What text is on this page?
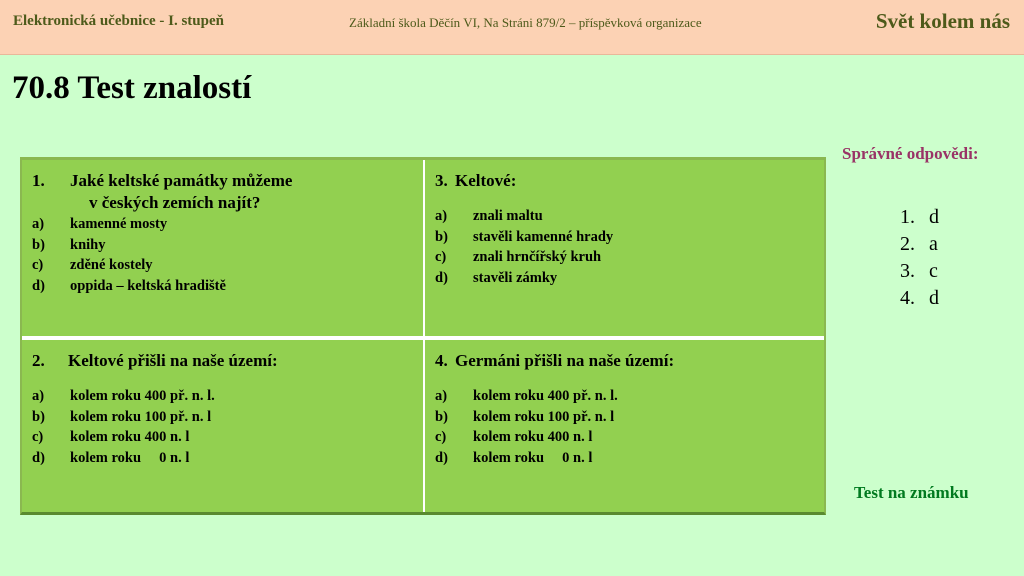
Elektronická učebnice - I. stupeň	Základní škola Děčín VI, Na Stráni 879/2 – příspěvková organizace	Svět kolem nás
70.8 Test znalostí
1.	Jaké keltské památky můžeme
v českých zemích najít?
a) kamenné mosty
b) knihy
c) zděné kostely
d) oppida – keltská hradiště
3. Keltové:
a) znali maltu
b) stavěli kamenné hrady
c) znali hrnčířský kruh
d) stavěli zámky
2.	Keltové přišli na naše území:
a) kolem roku 400 př. n. l.
b) kolem roku 100 př. n. l
c) kolem roku 400 n. l
d) kolem roku     0 n. l
4. Germáni přišli na naše území:
a) kolem roku 400 př. n. l.
b) kolem roku 100 př. n. l
c) kolem roku 400 n. l
d) kolem roku     0 n. l
Správné odpovědi:
1. d
2. a
3. c
4. d
Test na známku
